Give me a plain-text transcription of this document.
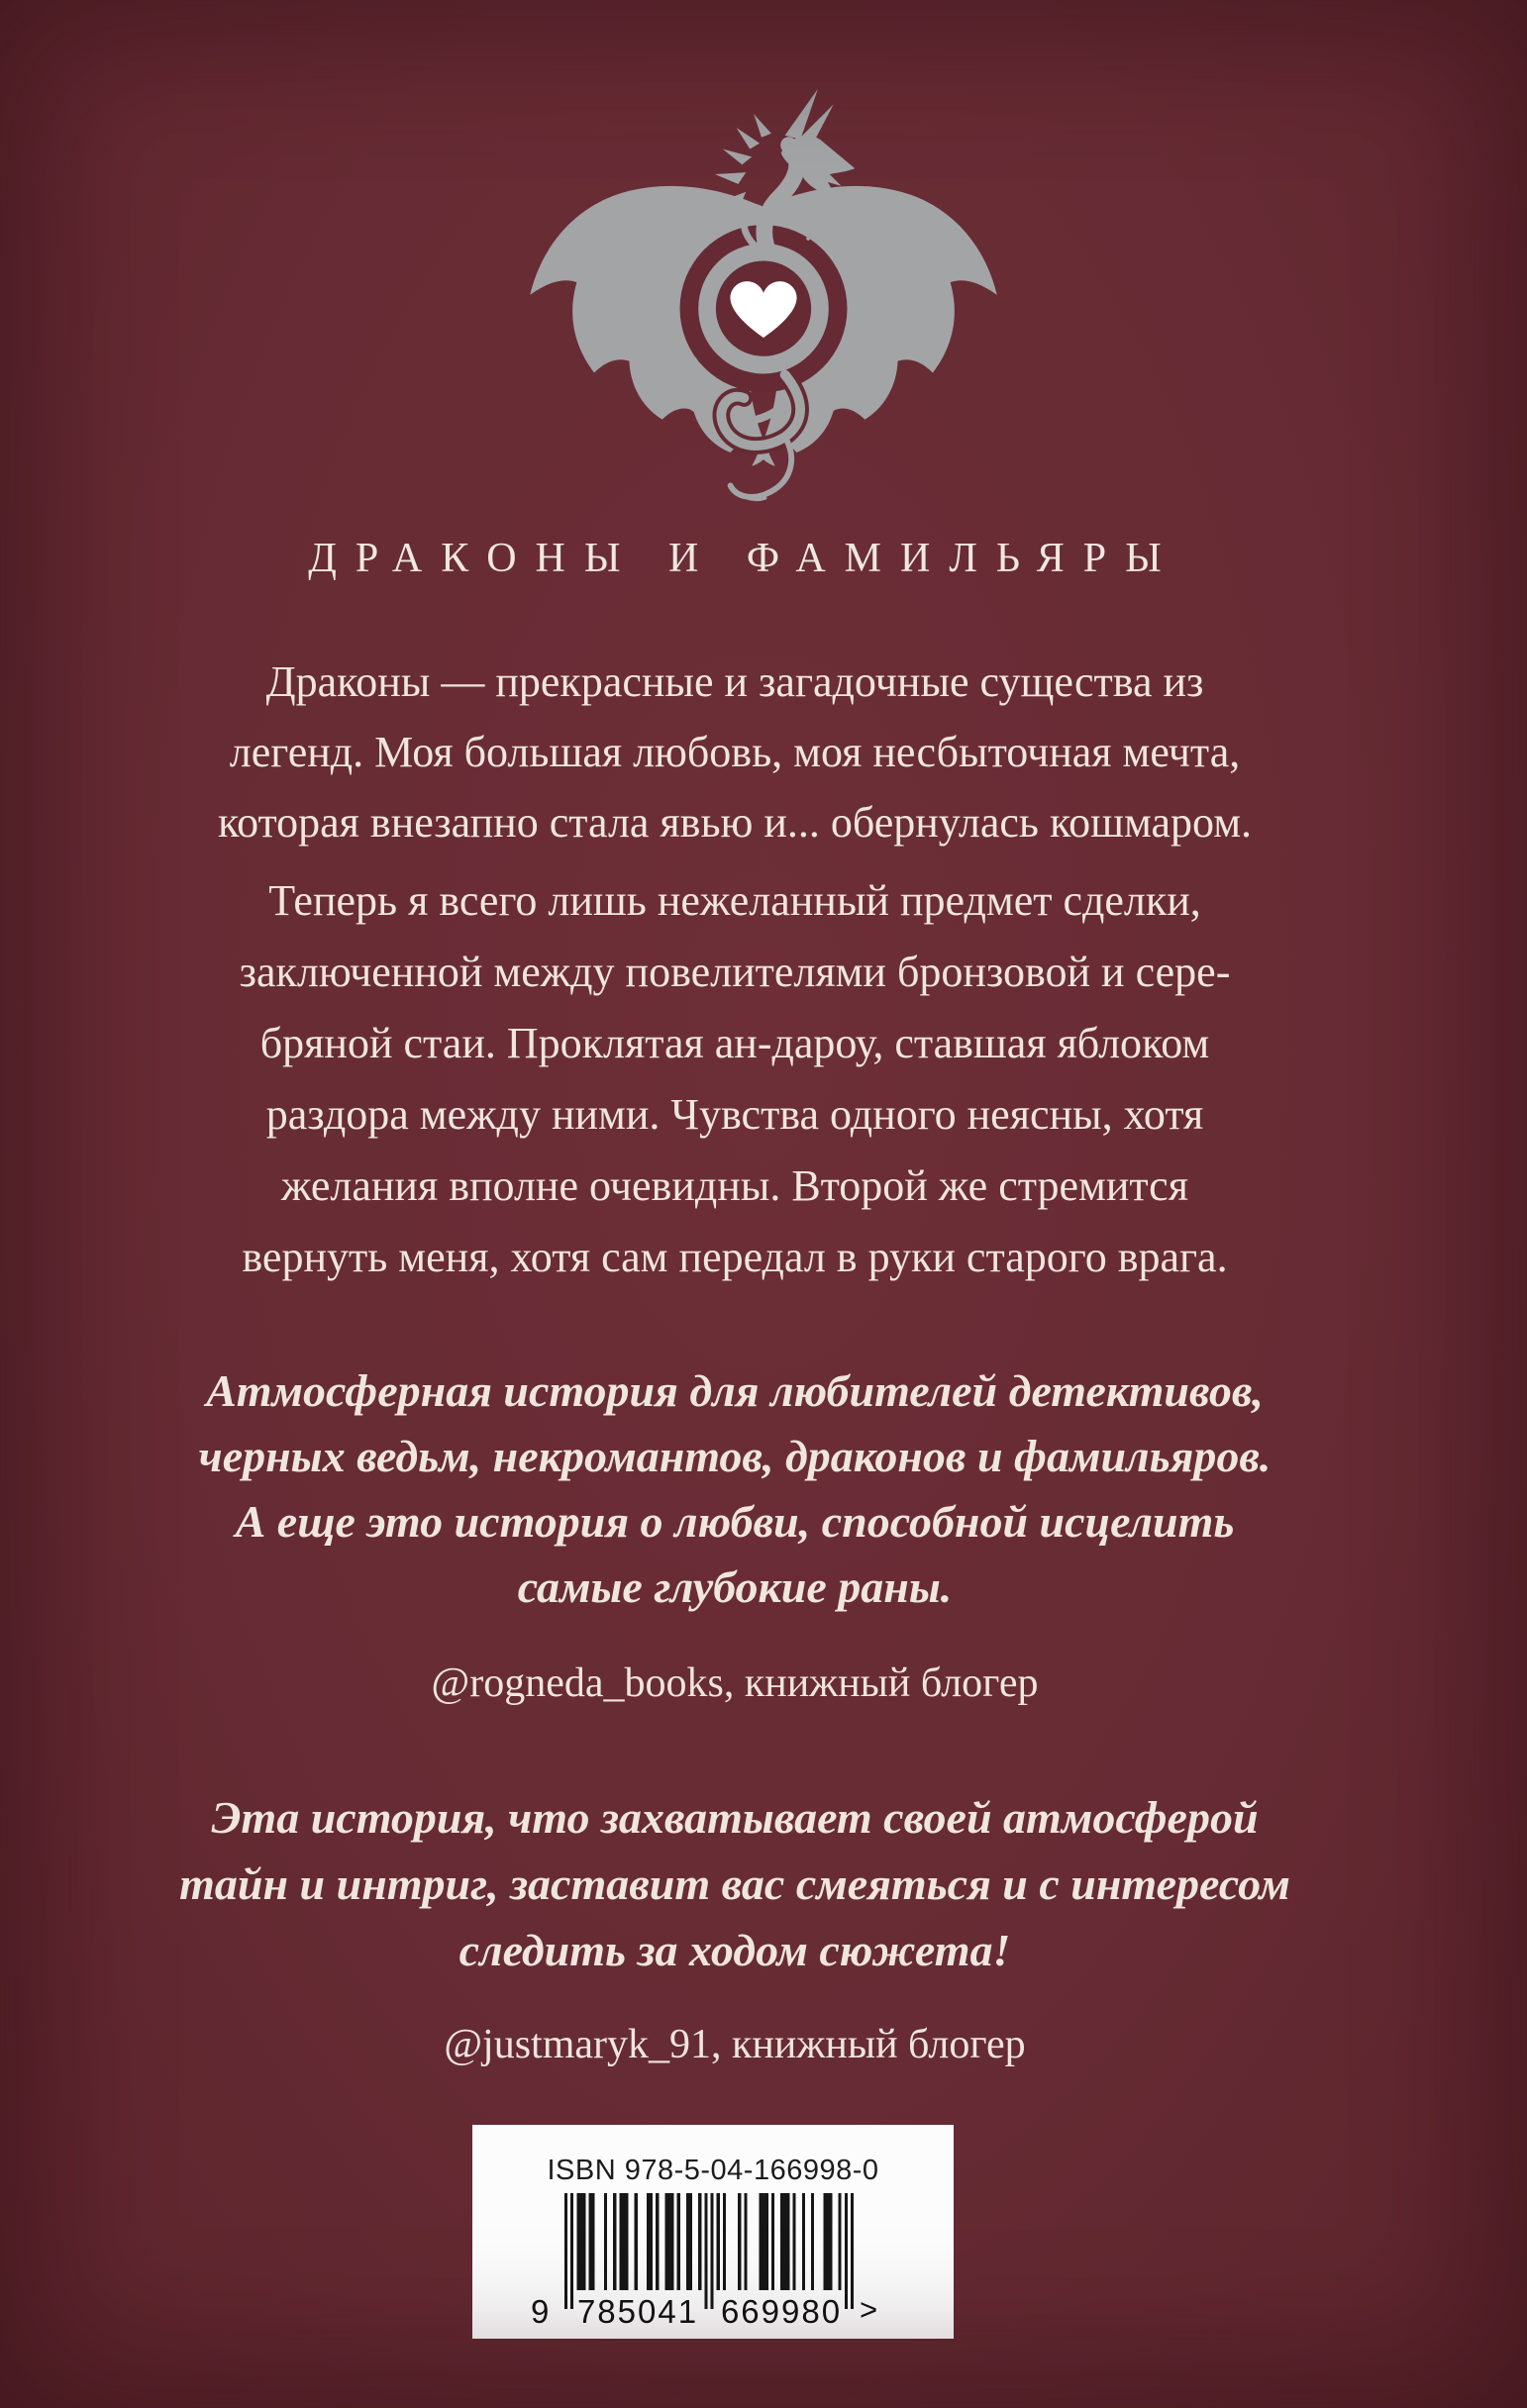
ДРАКОНЫ И ФАМИЛЬЯРЫ
Драконы — прекрасные и загадочные существа из
легенд. Моя большая любовь, моя несбыточная мечта,
которая внезапно стала явью и... обернулась кошмаром.
Теперь я всего лишь нежеланный предмет сделки,
заключенной между повелителями бронзовой и сере-
бряной стаи. Проклятая ан-дароу, ставшая яблоком
раздора между ними. Чувства одного неясны, хотя
желания вполне очевидны. Второй же стремится
вернуть меня, хотя сам передал в руки старого врага.
Атмосферная история для любителей детективов,
черных ведьм, некромантов, драконов и фамильяров.
А еще это история о любви, способной исцелить
самые глубокие раны.
@rogneda_books, книжный блогер
Эта история, что захватывает своей атмосферой
тайн и интриг, заставит вас смеяться и с интересом
следить за ходом сюжета!
@justmaryk_91, книжный блогер
ISBN 978-5-04-166998-0
9 785041 669980 >
